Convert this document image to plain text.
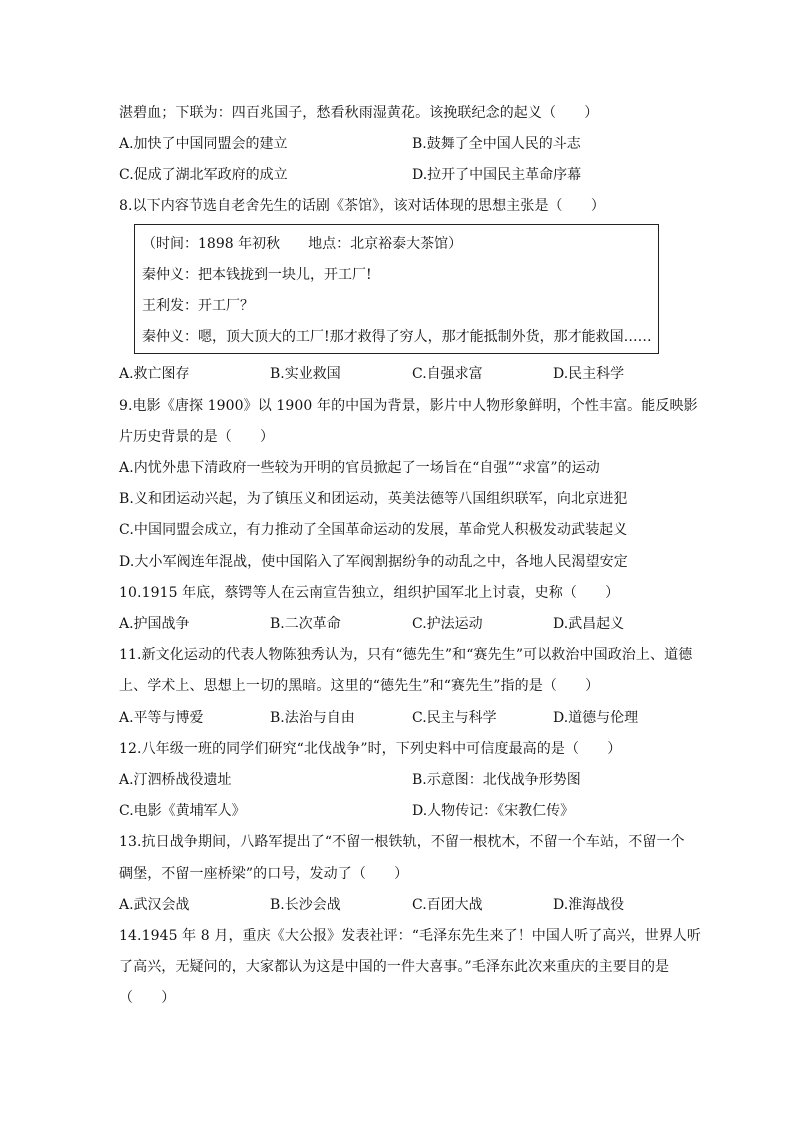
湛碧血；下联为：四百兆国子，愁看秋雨湿黄花。该挽联纪念的起义（　　）
A.加快了中国同盟会的建立	B.鼓舞了全中国人民的斗志
C.促成了湖北军政府的成立	D.拉开了中国民主革命序幕
8.以下内容节选自老舍先生的话剧《茶馆》，该对话体现的思想主张是（　　）
（时间：1898 年初秋　　地点：北京裕泰大茶馆）
秦仲义：把本钱拢到一块儿，开工厂!
王利发：开工厂？
秦仲义：嗯，顶大顶大的工厂!那才救得了穷人，那才能抵制外货，那才能救国……
A.救亡图存	B.实业救国	C.自强求富	D.民主科学
9.电影《唐探 1900》以 1900 年的中国为背景，影片中人物形象鲜明，个性丰富。能反映影
片历史背景的是（　　）
A.内忧外患下清政府一些较为开明的官员掀起了一场旨在“自强”“求富”的运动
B.义和团运动兴起，为了镇压义和团运动，英美法德等八国组织联军，向北京进犯
C.中国同盟会成立，有力推动了全国革命运动的发展，革命党人积极发动武装起义
D.大小军阀连年混战，使中国陷入了军阀割据纷争的动乱之中，各地人民渴望安定
10.1915 年底，蔡锷等人在云南宣告独立，组织护国军北上讨袁，史称（　　）
A.护国战争	B.二次革命	C.护法运动	D.武昌起义
11.新文化运动的代表人物陈独秀认为，只有“德先生”和“赛先生”可以救治中国政治上、道德
上、学术上、思想上一切的黑暗。这里的“德先生”和“赛先生”指的是（　　）
A.平等与博爱	B.法治与自由	C.民主与科学	D.道德与伦理
12.八年级一班的同学们研究“北伐战争”时，下列史料中可信度最高的是（　　）
A.汀泗桥战役遗址	B.示意图：北伐战争形势图
C.电影《黄埔军人》	D.人物传记：《宋教仁传》
13.抗日战争期间，八路军提出了“不留一根铁轨，不留一根枕木，不留一个车站，不留一个
碉堡，不留一座桥梁”的口号，发动了（　　）
A.武汉会战	B.长沙会战	C.百团大战	D.淮海战役
14.1945 年 8 月，重庆《大公报》发表社评：“毛泽东先生来了！中国人听了高兴，世界人听
了高兴，无疑问的，大家都认为这是中国的一件大喜事。”毛泽东此次来重庆的主要目的是
（　　）
